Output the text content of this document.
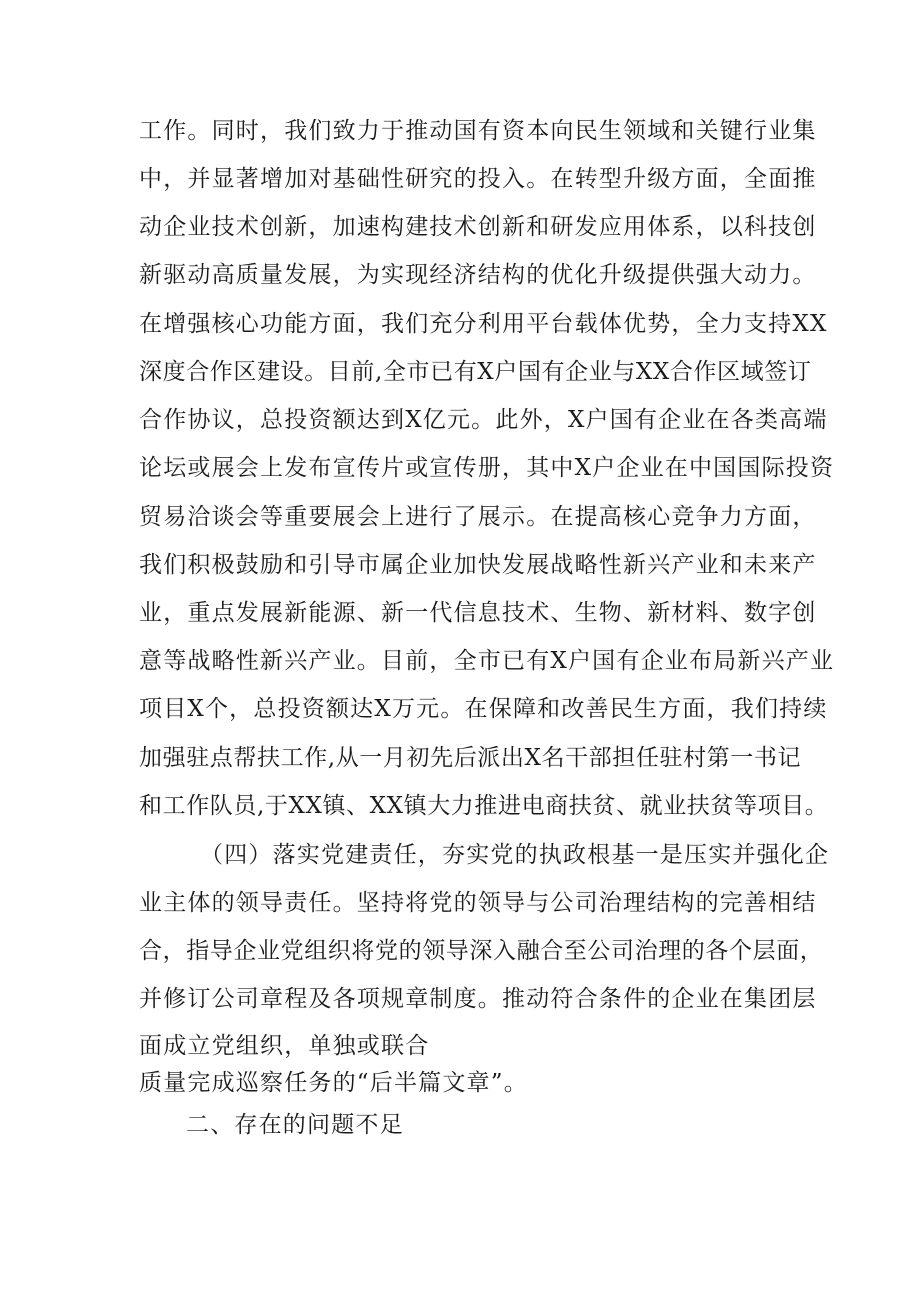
工作。同时，我们致力于推动国有资本向民生领域和关键行业集
中，并显著增加对基础性研究的投入。在转型升级方面，全面推
动企业技术创新，加速构建技术创新和研发应用体系，以科技创
新驱动高质量发展，为实现经济结构的优化升级提供强大动力。
在增强核心功能方面，我们充分利用平台载体优势，全力支持XX
深度合作区建设。目前,全市已有X户国有企业与XX合作区域签订
合作协议，总投资额达到X亿元。此外，X户国有企业在各类高端
论坛或展会上发布宣传片或宣传册，其中X户企业在中国国际投资
贸易洽谈会等重要展会上进行了展示。在提高核心竞争力方面，
我们积极鼓励和引导市属企业加快发展战略性新兴产业和未来产
业，重点发展新能源、新一代信息技术、生物、新材料、数字创
意等战略性新兴产业。目前，全市已有X户国有企业布局新兴产业
项目X个，总投资额达X万元。在保障和改善民生方面，我们持续
加强驻点帮扶工作,从一月初先后派出X名干部担任驻村第一书记
和工作队员,于XX镇、XX镇大力推进电商扶贫、就业扶贫等项目。
（四）落实党建责任，夯实党的执政根基一是压实并强化企
业主体的领导责任。坚持将党的领导与公司治理结构的完善相结
合，指导企业党组织将党的领导深入融合至公司治理的各个层面，
并修订公司章程及各项规章制度。推动符合条件的企业在集团层
面成立党组织，单独或联合
质量完成巡察任务的“后半篇文章”。
二、存在的问题不足
